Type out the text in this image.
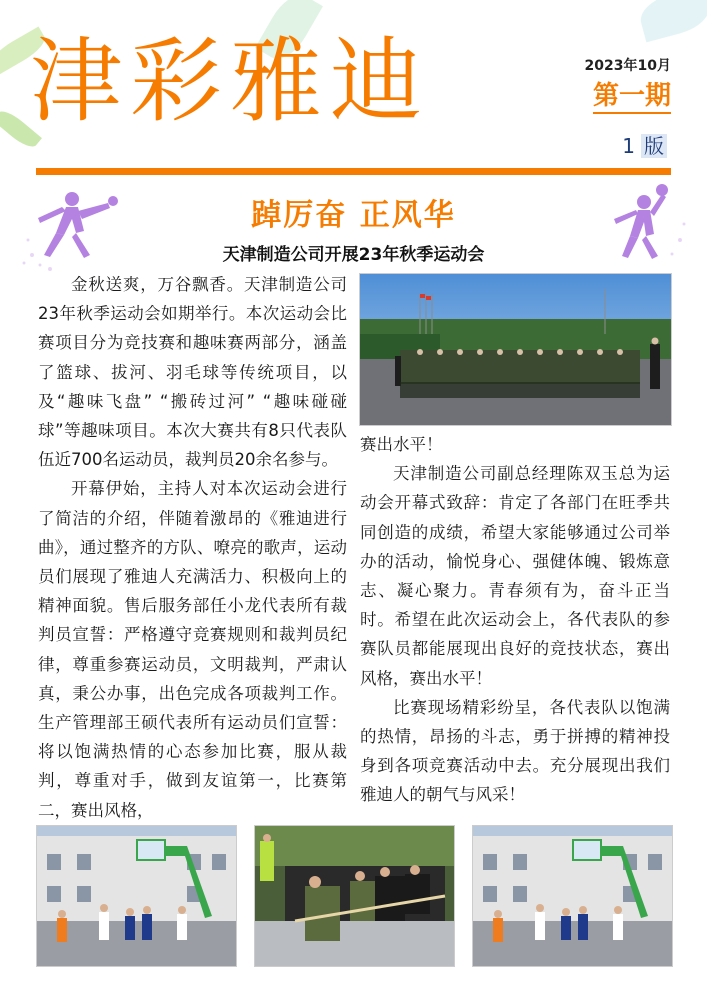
津彩雅迪	2023年10月
第一期
1 版
踔厉奋 正风华
天津制造公司开展23年秋季运动会

金秋送爽，万谷飘香。天津制造公司23年秋季运动会如期举行。本次运动会比赛项目分为竞技赛和趣味赛两部分，涵盖了篮球、拔河、羽毛球等传统项目，以及“趣味飞盘” “搬砖过河” “趣味碰碰球”等趣味项目。本次大赛共有8只代表队伍近700名运动员，裁判员20余名参与。

开幕伊始，主持人对本次运动会进行了简洁的介绍，伴随着激昂的《雅迪进行曲》，通过整齐的方队、嘹亮的歌声，运动员们展现了雅迪人充满活力、积极向上的精神面貌。售后服务部任小龙代表所有裁判员宣誓：严格遵守竞赛规则和裁判员纪律，尊重参赛运动员，文明裁判，严肃认真，秉公办事，出色完成各项裁判工作。生产管理部王硕代表所有运动员们宣誓：将以饱满热情的心态参加比赛，服从裁判，尊重对手，做到友谊第一，比赛第二，赛出风格，

赛出水平！

天津制造公司副总经理陈双玉总为运动会开幕式致辞：肯定了各部门在旺季共同创造的成绩，希望大家能够通过公司举办的活动，愉悦身心、强健体魄、锻炼意志、凝心聚力。青春须有为，奋斗正当时。希望在此次运动会上，各代表队的参赛队员都能展现出良好的竞技状态，赛出风格，赛出水平！

比赛现场精彩纷呈，各代表队以饱满的热情，昂扬的斗志，勇于拼搏的精神投身到各项竞赛活动中去。充分展现出我们雅迪人的朝气与风采！
